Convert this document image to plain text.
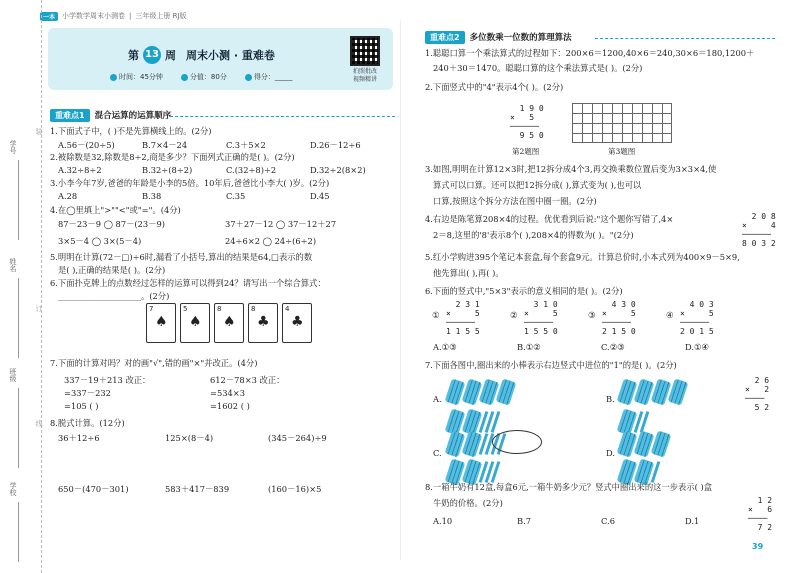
一本	小学数学周末小测卷 | 三年级上册 RJ版
学号
姓名
班级
学校
装
订
线
第 13 周 周末小测 · 重难卷
时间：45分钟	分值：80分	得分：_____
拍照批改
视频精讲
重难点1	混合运算的运算顺序
1.下面式子中，( )不是先算横线上的。(2分)
A.56－(20÷5)	B.7×4－24	C.3＋5×2	D.26－12÷6
2.被除数是32,除数是8÷2,商是多少？下面列式正确的是( )。(2分)
A.32÷8÷2	B.32÷(8÷2)	C.(32÷8)÷2	D.32÷2(8×2)
3.小李今年7岁,爸爸的年龄是小李的5倍。10年后,爸爸比小李大( )岁。(2分)
A.28	B.38	C.35	D.45
4.在◯里填上">""<"或"="。(4分)
87－23－9 ◯ 87－(23－9)	37＋27－12 ◯ 37－12＋27
3×5－4 ◯ 3×(5－4)	24÷6×2 ◯ 24÷(6÷2)
5.明明在计算(72－□)÷6时,漏看了小括号,算出的结果是64,□表示的数
是( ),正确的结果是( )。(2分)
6.下面扑克牌上的点数经过怎样的运算可以得到24？请写出一个综合算式：
____________________。(2分)
7
♠
5
♠
8
♠
8
♣
4
♣
7.下面的计算对吗？对的画"√",错的画"×"并改正。(4分)
337－19＋213 改正：
=337－232
=105 ( )
612－78×3 改正：
=534×3
=1602 ( )
8.脱式计算。(12分)
36＋12÷6	125×(8－4)	(345－264)÷9
650－(470－301)	583＋417－839	(160－16)×5
重难点2	多位数乘一位数的算理算法
1.聪聪口算一个乘法算式的过程如下：200×6＝1200,40×6＝240,30×6＝180,1200＋
240＋30＝1470。聪聪口算的这个乘法算式是( )。(2分)
2.下面竖式中的"4"表示4个( )。(2分)
1 9 0
×   5
──────
9 5 0
第2题图	第3题图
3.如图,明明在计算12×3时,把12拆分成4个3,再交换乘数位置后变为3×3×4,使
算式可以口算。还可以把12拆分成( ),算式变为( ),也可以
口算,按照这个拆分方法在图中圈一圈。(2分)
4.右边是陈笔算208×4的过程。优优看到后说:"这个题你写错了,4×
2＝8,这里的'8'表示8个( ),208×4的得数为( )。"(2分)
2 0 8
×     4
──────
8 0 3 2
5.红小学购进395个笔记本套盒,每个套盒9元。计算总价时,小本式列为400×9－5×9,
他先算出( ),再( )。
6.下面的竖式中,"5×3"表示的意义相同的是( )。(2分)
①
2 3 1
×     5
──────
1 1 5 5
②
3 1 0
×     5
──────
1 5 5 0
③
4 3 0
×     5
──────
2 1 5 0
④
4 0 3
×     5
──────
2 0 1 5
A.①③	B.①②	C.②③	D.①④
7.下面各图中,圈出来的小棒表示右边竖式中进位的"1"的是( )。(2分)
2 6
×   2
────
5 2
A.	B.
C.	D.
8.一箱牛奶有12盒,每盒6元,一箱牛奶多少元？竖式中圈出来的这一步表示( )盒
牛奶的价格。(2分)	1 2
×   6
────
7 2
A.10	B.7	C.6	D.1
39
